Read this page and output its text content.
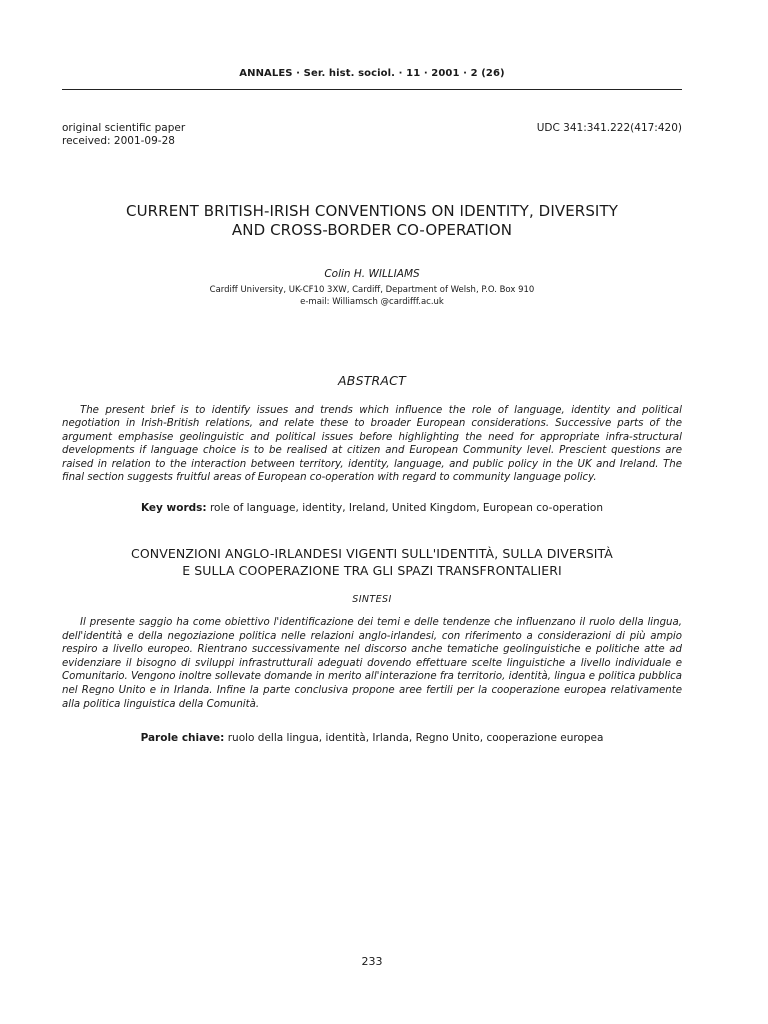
ANNALES · Ser. hist. sociol. · 11 · 2001 · 2 (26)
original scientific paper
received: 2001-09-28
UDC 341:341.222(417:420)
CURRENT BRITISH-IRISH CONVENTIONS ON IDENTITY, DIVERSITY
AND CROSS-BORDER CO-OPERATION
Colin H. WILLIAMS
Cardiff University, UK-CF10 3XW, Cardiff, Department of Welsh, P.O. Box 910
e-mail: Williamsch @cardifff.ac.uk
ABSTRACT
The present brief is to identify issues and trends which influence the role of language, identity and political negotiation in Irish-British relations, and relate these to broader European considerations. Successive parts of the argument emphasise geolinguistic and political issues before highlighting the need for appropriate infra-structural developments if language choice is to be realised at citizen and European Community level. Prescient questions are raised in relation to the interaction between territory, identity, language, and public policy in the UK and Ireland. The final section suggests fruitful areas of European co-operation with regard to community language policy.
Key words: role of language, identity, Ireland, United Kingdom, European co-operation
CONVENZIONI ANGLO-IRLANDESI VIGENTI SULL'IDENTITÀ, SULLA DIVERSITÀ
E SULLA COOPERAZIONE TRA GLI SPAZI TRANSFRONTALIERI
SINTESI
Il presente saggio ha come obiettivo l'identificazione dei temi e delle tendenze che influenzano il ruolo della lingua, dell'identità e della negoziazione politica nelle relazioni anglo-irlandesi, con riferimento a considerazioni di più ampio respiro a livello europeo. Rientrano successivamente nel discorso anche tematiche geolinguistiche e politiche atte ad evidenziare il bisogno di sviluppi infrastrutturali adeguati dovendo effettuare scelte linguistiche a livello individuale e Comunitario. Vengono inoltre sollevate domande in merito all'interazione fra territorio, identità, lingua e politica pubblica nel Regno Unito e in Irlanda. Infine la parte conclusiva propone aree fertili per la cooperazione europea relativamente alla politica linguistica della Comunità.
Parole chiave: ruolo della lingua, identità, Irlanda, Regno Unito, cooperazione europea
233
